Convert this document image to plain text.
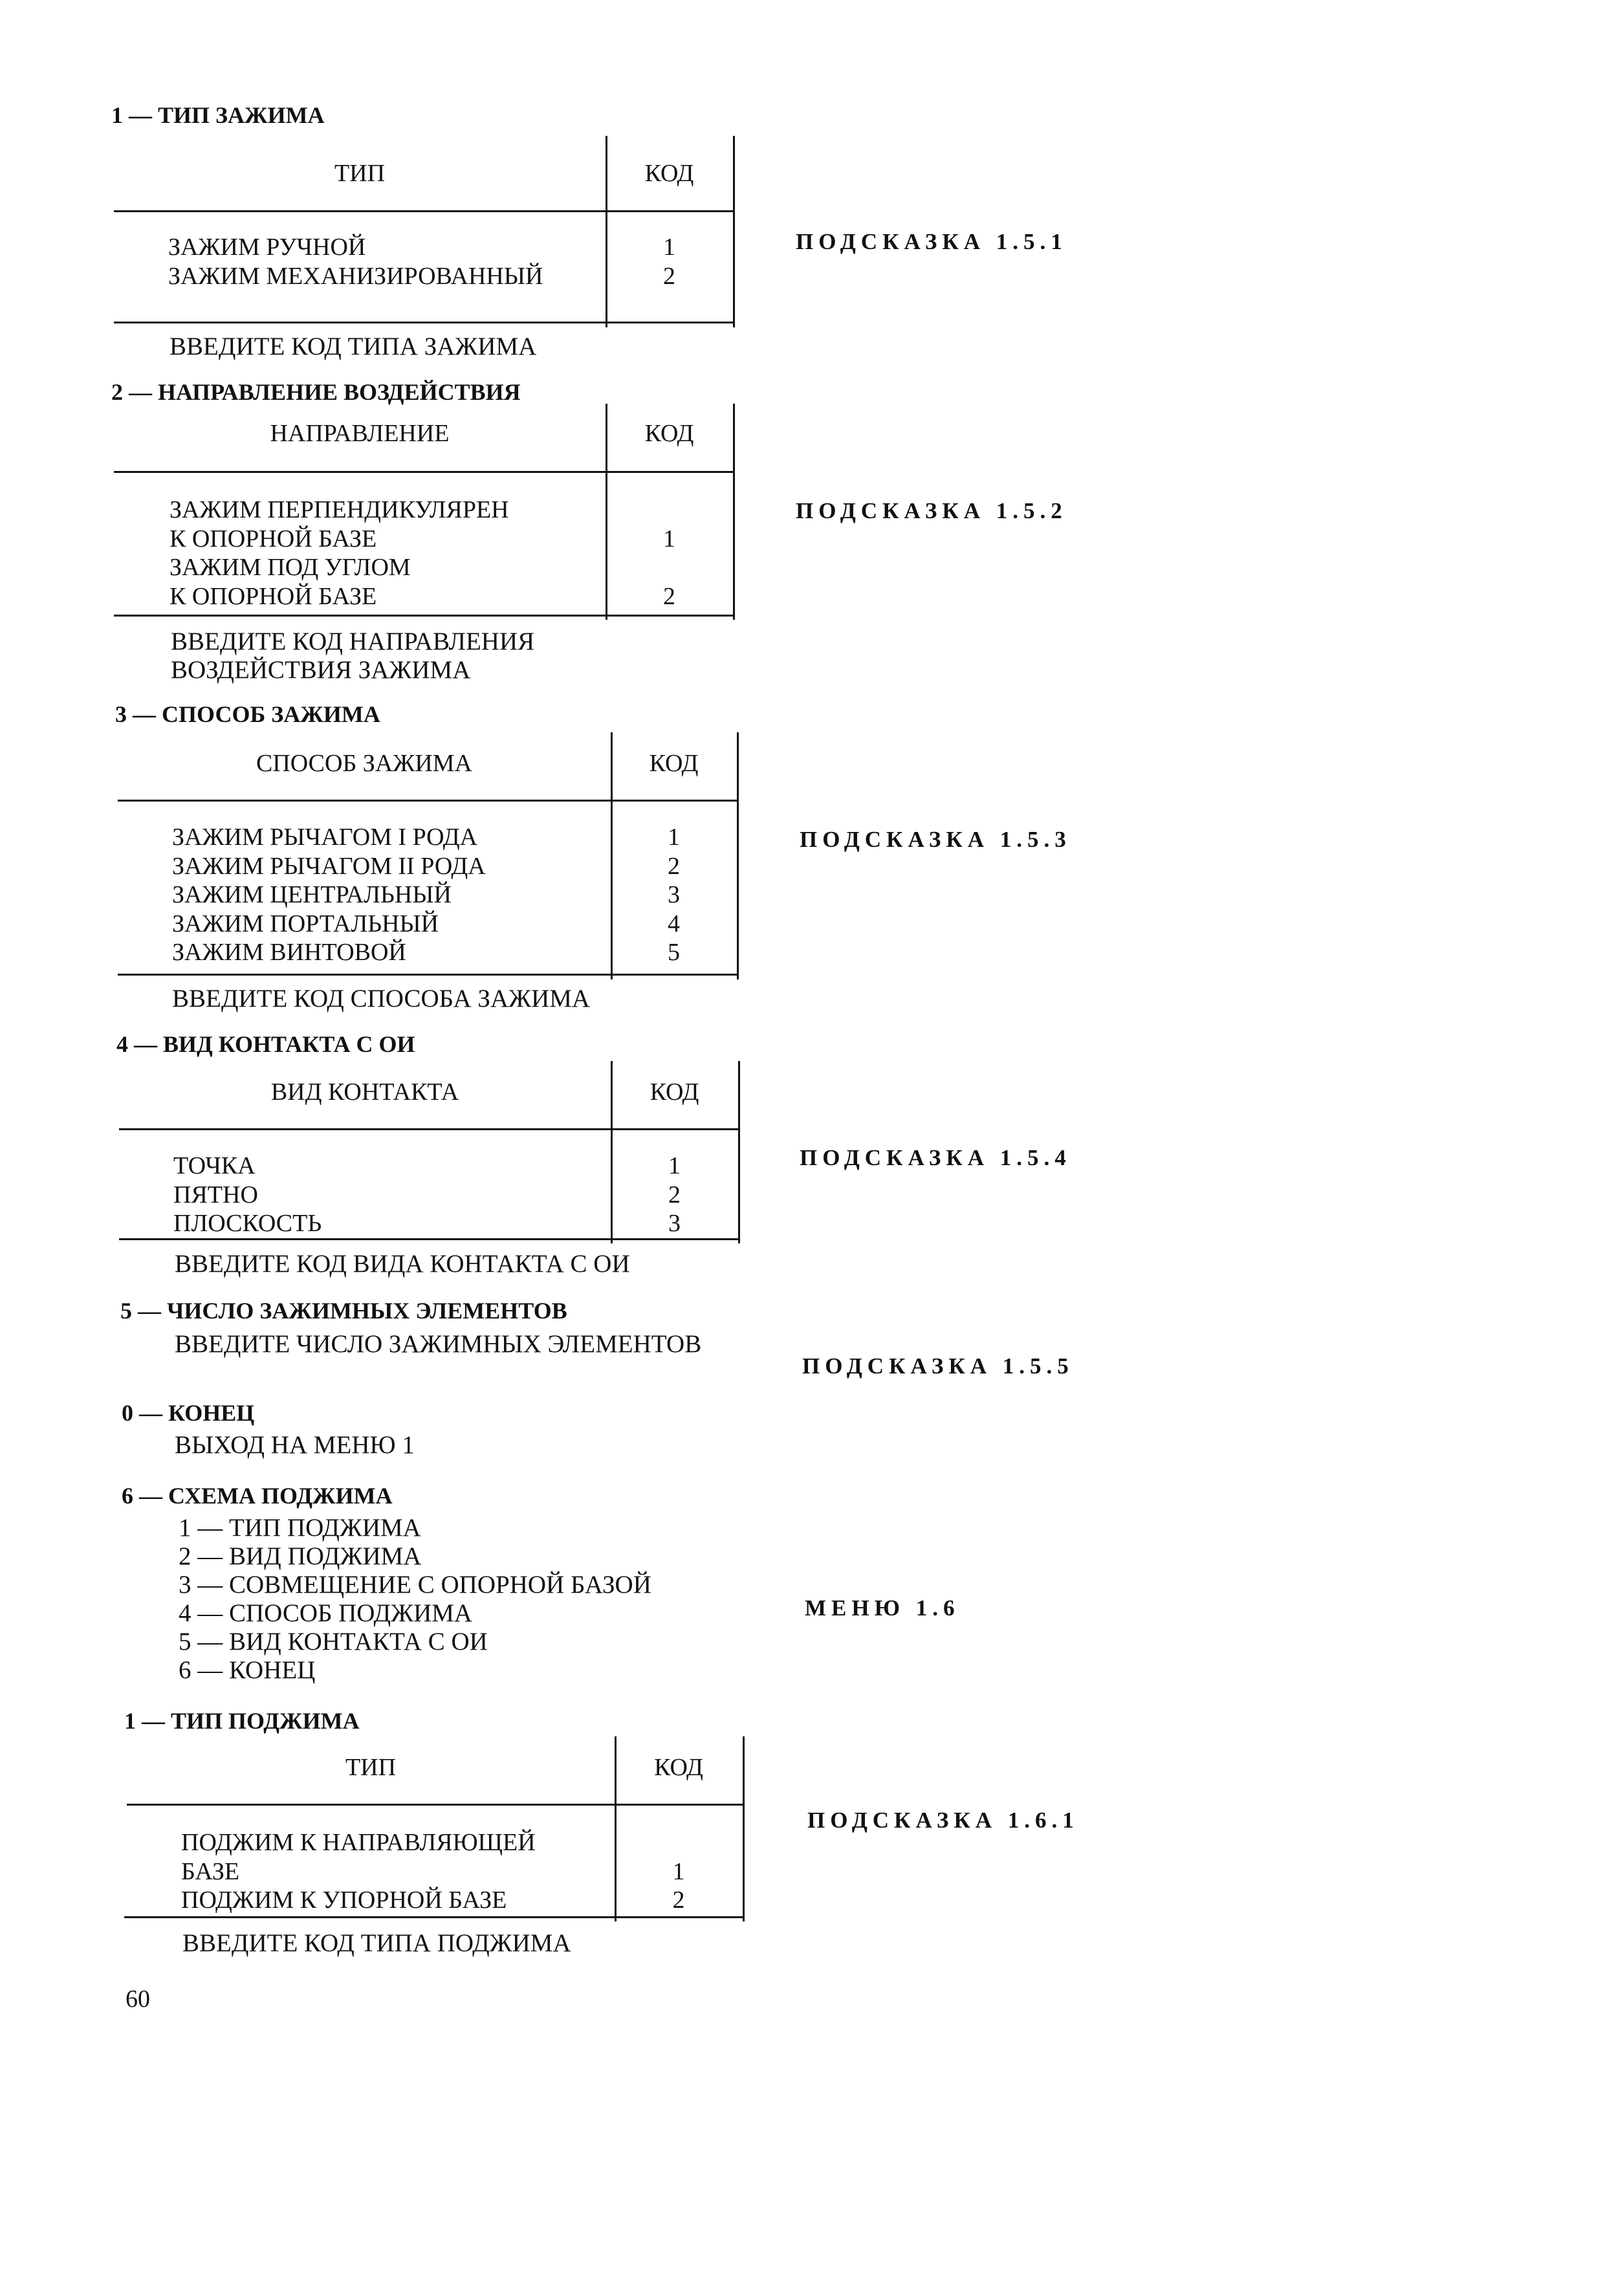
1 — ТИП ЗАЖИМА
ТИП	КОД
ЗАЖИМ РУЧНОЙ	1
ЗАЖИМ МЕХАНИЗИРОВАННЫЙ	2
ВВЕДИТЕ КОД ТИПА ЗАЖИМА
ПОДСКАЗКА 1.5.1
2 — НАПРАВЛЕНИЕ ВОЗДЕЙСТВИЯ
НАПРАВЛЕНИЕ	КОД
ЗАЖИМ ПЕРПЕНДИКУЛЯРЕН
К ОПОРНОЙ БАЗЕ	1
ЗАЖИМ ПОД УГЛОМ
К ОПОРНОЙ БАЗЕ	2
ВВЕДИТЕ КОД НАПРАВЛЕНИЯ
ВОЗДЕЙСТВИЯ ЗАЖИМА
ПОДСКАЗКА 1.5.2
3 — СПОСОБ ЗАЖИМА
СПОСОБ ЗАЖИМА	КОД
ЗАЖИМ РЫЧАГОМ I РОДА	1
ЗАЖИМ РЫЧАГОМ II РОДА	2
ЗАЖИМ ЦЕНТРАЛЬНЫЙ	3
ЗАЖИМ ПОРТАЛЬНЫЙ	4
ЗАЖИМ ВИНТОВОЙ	5
ВВЕДИТЕ КОД СПОСОБА ЗАЖИМА
ПОДСКАЗКА 1.5.3
4 — ВИД КОНТАКТА С ОИ
ВИД КОНТАКТА	КОД
ТОЧКА	1
ПЯТНО	2
ПЛОСКОСТЬ	3
ВВЕДИТЕ КОД ВИДА КОНТАКТА С ОИ
ПОДСКАЗКА 1.5.4
5 — ЧИСЛО ЗАЖИМНЫХ ЭЛЕМЕНТОВ
ВВЕДИТЕ ЧИСЛО ЗАЖИМНЫХ ЭЛЕМЕНТОВ
ПОДСКАЗКА 1.5.5
0 — КОНЕЦ
ВЫХОД НА МЕНЮ 1
6 — СХЕМА ПОДЖИМА
1 — ТИП ПОДЖИМА
2 — ВИД ПОДЖИМА
3 — СОВМЕЩЕНИЕ С ОПОРНОЙ БАЗОЙ
4 — СПОСОБ ПОДЖИМА
5 — ВИД КОНТАКТА С ОИ
6 — КОНЕЦ
МЕНЮ 1.6
1 — ТИП ПОДЖИМА
ТИП	КОД
ПОДЖИМ К НАПРАВЛЯЮЩЕЙ
БАЗЕ	1
ПОДЖИМ К УПОРНОЙ БАЗЕ	2
ВВЕДИТЕ КОД ТИПА ПОДЖИМА
ПОДСКАЗКА 1.6.1
60
